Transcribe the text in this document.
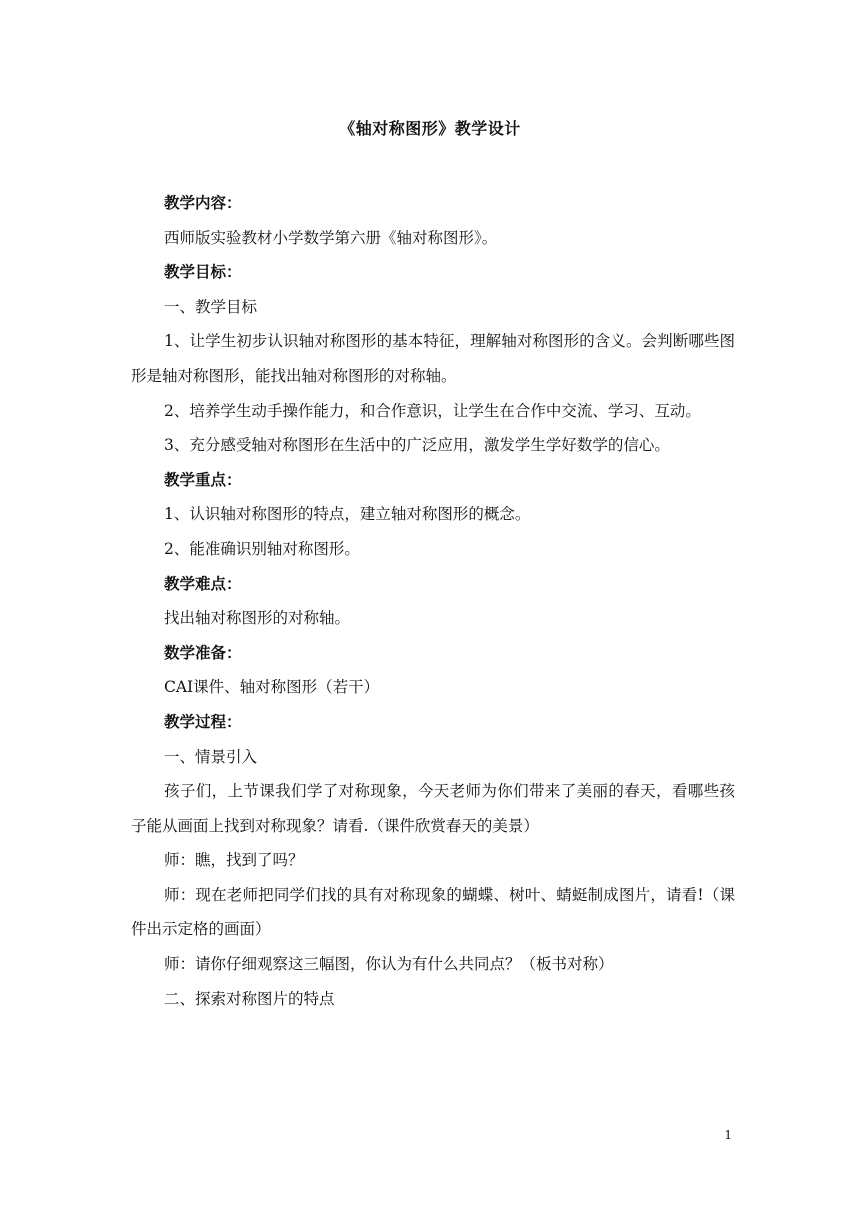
《轴对称图形》教学设计

教学内容：

西师版实验教材小学数学第六册《轴对称图形》。

教学目标：

一、教学目标

1、让学生初步认识轴对称图形的基本特征，理解轴对称图形的含义。会判断哪些图形是轴对称图形，能找出轴对称图形的对称轴。

2、培养学生动手操作能力，和合作意识，让学生在合作中交流、学习、互动。

3、充分感受轴对称图形在生活中的广泛应用，激发学生学好数学的信心。

教学重点：

1、认识轴对称图形的特点，建立轴对称图形的概念。

2、能准确识别轴对称图形。

教学难点：

找出轴对称图形的对称轴。

数学准备：

CAI课件、轴对称图形（若干）

教学过程：

一、情景引入

孩子们，上节课我们学了对称现象，今天老师为你们带来了美丽的春天，看哪些孩子能从画面上找到对称现象？请看.（课件欣赏春天的美景）

师：瞧，找到了吗？

师：现在老师把同学们找的具有对称现象的蝴蝶、树叶、蜻蜓制成图片，请看!（课件出示定格的画面）

师：请你仔细观察这三幅图，你认为有什么共同点？（板书对称）

二、探索对称图片的特点

1
